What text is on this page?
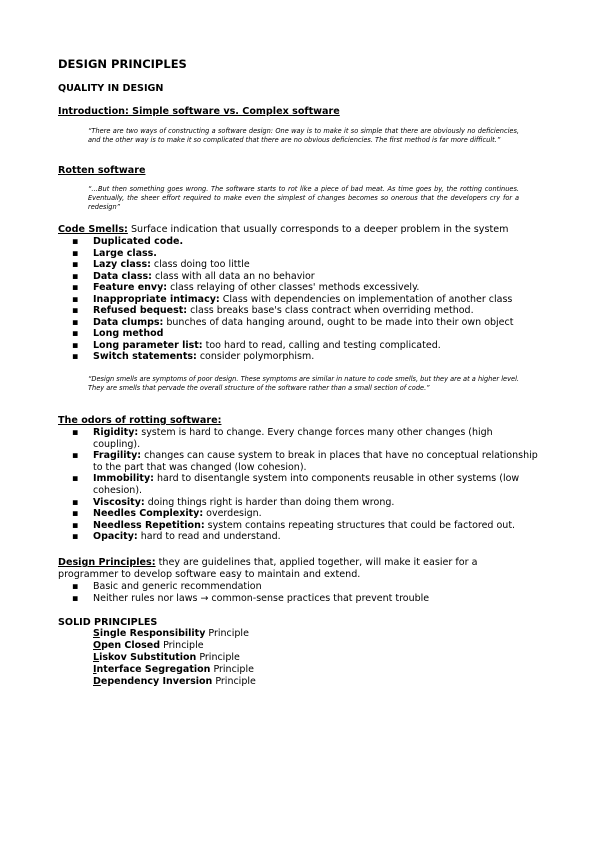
DESIGN PRINCIPLES
QUALITY IN DESIGN
Introduction: Simple software vs. Complex software
“There are two ways of constructing a software design: One way is to make it so simple that there are obviously no deficiencies, and the other way is to make it so complicated that there are no obvious deficiencies. The first method is far more difficult.”
Rotten software
“…But then something goes wrong. The software starts to rot like a piece of bad meat. As time goes by, the rotting continues. Eventually, the sheer effort required to make even the simplest of changes becomes so onerous that the developers cry for a redesign”
Code Smells: Surface indication that usually corresponds to a deeper problem in the system
▪ Duplicated code.
▪ Large class.
▪ Lazy class: class doing too little
▪ Data class: class with all data an no behavior
▪ Feature envy: class relaying of other classes' methods excessively.
▪ Inappropriate intimacy: Class with dependencies on implementation of another class
▪ Refused bequest: class breaks base's class contract when overriding method.
▪ Data clumps: bunches of data hanging around, ought to be made into their own object
▪ Long method
▪ Long parameter list: too hard to read, calling and testing complicated.
▪ Switch statements: consider polymorphism.
“Design smells are symptoms of poor design. These symptoms are similar in nature to code smells, but they are at a higher level. They are smells that pervade the overall structure of the software rather than a small section of code.”
The odors of rotting software:
▪ Rigidity: system is hard to change. Every change forces many other changes (high coupling).
▪ Fragility: changes can cause system to break in places that have no conceptual relationship to the part that was changed (low cohesion).
▪ Immobility: hard to disentangle system into components reusable in other systems (low cohesion).
▪ Viscosity: doing things right is harder than doing them wrong.
▪ Needles Complexity: overdesign.
▪ Needless Repetition: system contains repeating structures that could be factored out.
▪ Opacity: hard to read and understand.
Design Principles: they are guidelines that, applied together, will make it easier for a programmer to develop software easy to maintain and extend.
▪ Basic and generic recommendation
▪ Neither rules nor laws → common-sense practices that prevent trouble
SOLID PRINCIPLES
Single Responsibility Principle
Open Closed Principle
Liskov Substitution Principle
Interface Segregation Principle
Dependency Inversion Principle
